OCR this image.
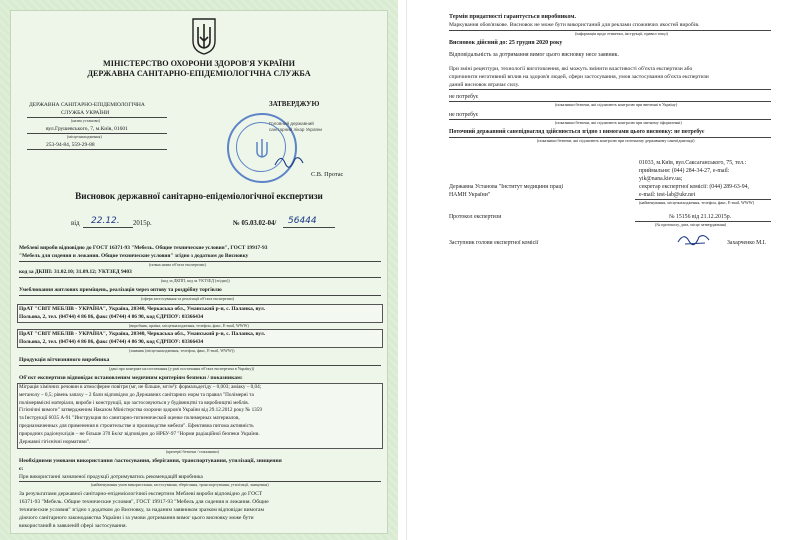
МІНІСТЕРСТВО ОХОРОНИ ЗДОРОВ'Я УКРАЇНИ
ДЕРЖАВНА САНІТАРНО-ЕПІДЕМІОЛОГІЧНА СЛУЖБА
ДЕРЖАВНА САНІТАРНО-ЕПІДЕМІОЛОГІЧНА
СЛУЖБА УКРАЇНИ
(назва установи)
вул.Грушевського, 7, м.Київ, 01601
(місцезнаходження)
253-94-84, 559-29-88
ЗАТВЕРДЖУЮ
Головний державний
санітарний лікар України
С.В. Протас
Висновок державної санітарно-епідеміологічної експертизи
від 22.12. 2015р.	№ 05.03.02-04/ 56444
Меблеві вироби відповідно до ГОСТ 16371-93 "Мебель. Общие технические условия", ГОСТ 19917-93
"Мебель для сидения и лежания. Общие технические условия" згідно з додатком до Висновку
(повна назва об'єкта експертизи)
код за ДКПП: 31.02.10; 31.09.12; УКТЗЕД 9403
(код за ДКПП, код за УКТЗЕД (згідно))
Умеблювання житлових приміщень, реалізація через оптову та роздрібну торгівлю
(сфера застосування та реалізації об'єкта експертизи)
ПрАТ "СВІТ МЕБЛІВ - УКРАЇНА", Україна, 20340, Черкаська обл., Уманський р-н, с. Паланка, вул.
Польова, 2, тел. (04744) 4 86 86, факс (04744) 4 86 90, код ЄДРПОУ: 03366434
(виробник, країна, місцезнаходження, телефон, факс, E-mail, WWW)
ПрАТ "СВІТ МЕБЛІВ - УКРАЇНА", Україна, 20340, Черкаська обл., Уманський р-н, с. Паланка, вул.
Польова, 2, тел. (04744) 4 86 86, факс (04744) 4 86 90, код ЄДРПОУ: 03366434
(заявник (місцезнаходження, телефон, факс, E-mail, WWW))
Продукція вітчизняного виробника
(дані про контракт на постачання (у разі постачання об'єкта експертизи в Україну))
Об'єкт експертизи відповідає встановленим медичним критеріям безпеки / показникам:
Міграція хімічних речовин в атмосферне повітря (мг, не більше, мг/м³): формальдегіду – 0,003; аміаку – 0,04;
метанолу – 0,5; рівень запаху – 2 бали відповідно до Державних санітарних норм та правил "Полімерні та
полімервмісні матеріали, вироби і конструкції, що застосовуються у будівництві та виробництві меблів.
Гігієнічні вимоги" затвердженим Наказом Міністерства охорони здоров'я України від 29.12.2012 року № 1359
та Інструкції 6035 А-91 "Инструкция по санитарно-гигиенической оценке полимерных материалов,
предназначенных для применения в строительстве и производстве мебели". Ефективна питома активність
природних радіонуклідів – не більше 370 Бк/кг відповідно до НРБУ-97 "Норми радіаційної безпеки України.
Державні гігієнічні нормативи".
(критерії безпеки / показники)
Необхідними умовами використання /застосування, зберігання, транспортування, утилізації, знищення
є:
При використанні зазначеної продукції дотримуватись рекомендацій виробника
(найменування умов використання, застосування, зберігання, транспортування, утилізації, знищення)
За результатами державної санітарно-епідеміологічної експертизи Меблеві вироби відповідно до ГОСТ
16371-93 "Мебель. Общие технические условия", ГОСТ 19917-93 "Мебель для сидения и лежания. Общие
технические условия" згідно з додатком до Висновку, за наданим заявником зразком відповідає вимогам
діючого санітарного законодавства України і за умови дотримання вимог цього висновку може бути
використаний в заявленій сфері застосування.
Термін придатності гарантується виробником.
Маркування обов'язкове. Висновок не може бути використаний для реклами споживчих якостей виробів.
(інформація щодо етикетки, інструкції, правил тощо)
Висновок дійсний до: 25 грудня 2020 року
Відповідальність за дотримання вимог цього висновку несе заявник.
При зміні рецептури, технології виготовлення, які можуть змінити властивості об'єкта експертизи або
спричинити негативний вплив на здоров'я людей, сфери застосування, умов застосування об'єкта експертизи
даний висновок втрачає силу.
не потребує
(показники безпеки, які підлягають контролю при ввезенні в Україну)
не потребує
(показники безпеки, які підлягають контролю при митному оформленні)
Поточний державний санепіднагляд здійснюється згідно з вимогами цього висновку: не потребує
(показники безпеки, які підлягають контролю при поточному державному санепіднагляді)
01033, м.Київ, вул.Саксаганського, 75, тел.:
приймальня: (044) 284-34-27, e-mail:
yik@nana.kiev.ua;
Державна Установа "Інститут медицини праці	секретар експертної комісії: (044) 289-63-94,
НАМН України"	e-mail: test-lab@ukr.net
(найменування, місцезнаходження, телефон, факс, E-mail, WWW)
Протокол експертизи	№ 15156 від 21.12.2015р.
(№ протоколу, дата, місце затвердження)
Заступник голови експертної комісії	Захарченко М.І.
